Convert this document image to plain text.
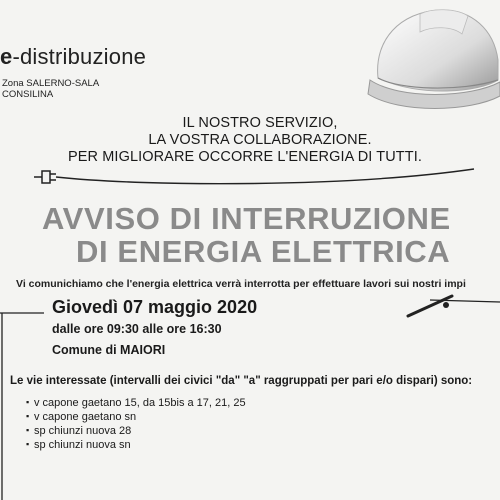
e-distribuzione
Zona SALERNO-SALA
CONSILINA
IL NOSTRO SERVIZIO,
LA VOSTRA COLLABORAZIONE.
PER MIGLIORARE OCCORRE L'ENERGIA DI TUTTI.
AVVISO DI INTERRUZIONE
DI ENERGIA ELETTRICA
Vi comunichiamo che l'energia elettrica verrà interrotta per effettuare lavori sui nostri impi
Giovedì 07 maggio 2020
dalle ore 09:30 alle ore 16:30
Comune di MAIORI
Le vie interessate (intervalli dei civici "da" "a" raggruppati per pari e/o dispari) sono:
▪ v capone gaetano 15, da 15bis a 17, 21, 25
▪ v capone gaetano sn
▪ sp chiunzi nuova 28
▪ sp chiunzi nuova sn
